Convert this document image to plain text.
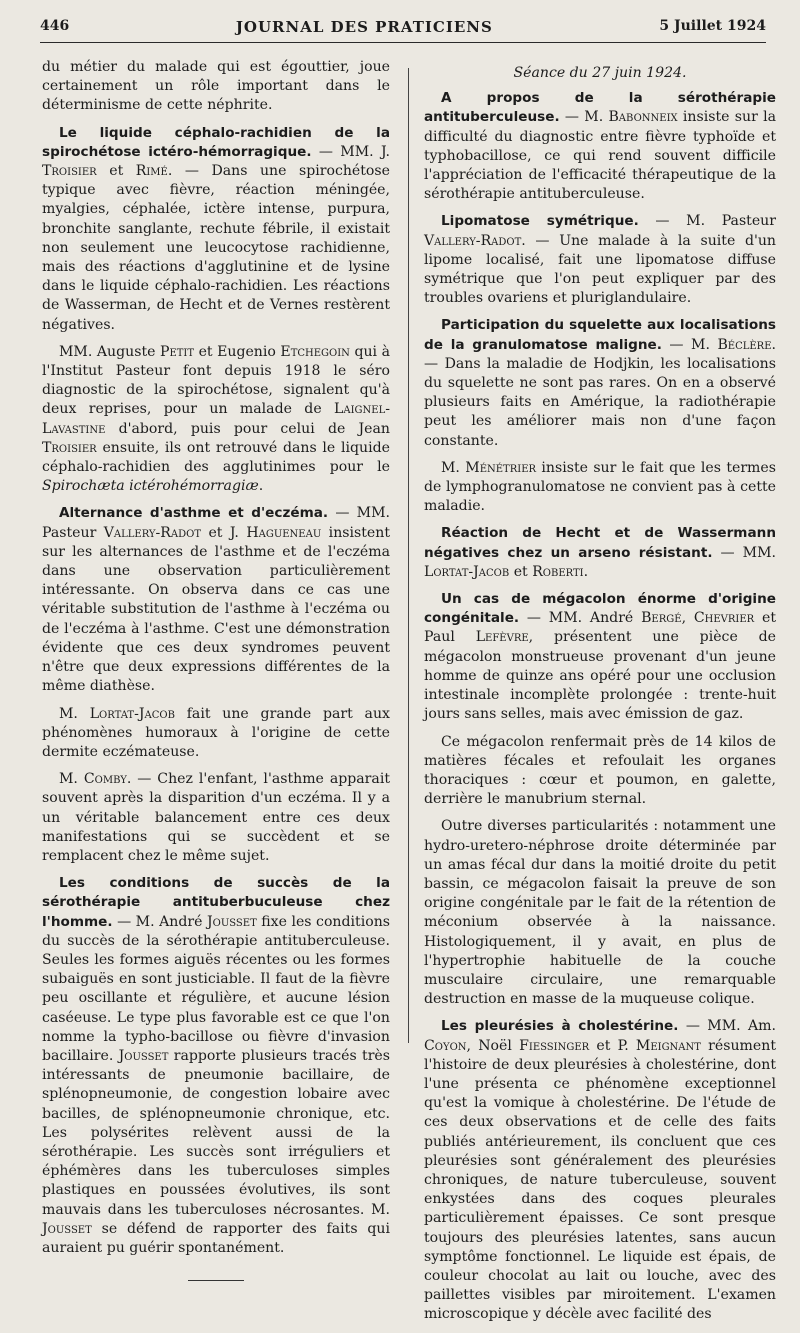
446	JOURNAL DES PRATICIENS	5 Juillet 1924

du métier du malade qui est égouttier, joue certainement un rôle important dans le déterminisme de cette néphrite.

Le liquide céphalo-rachidien de la spirochétose ictéro-hémorragique. — MM. J. Troisier et Rimé. — Dans une spirochétose typique avec fièvre, réaction méningée, myalgies, céphalée, ictère intense, purpura, bronchite sanglante, rechute fébrile, il existait non seulement une leucocytose rachidienne, mais des réactions d'agglutinine et de lysine dans le liquide céphalo-rachidien. Les réactions de Wasserman, de Hecht et de Vernes restèrent négatives.

MM. Auguste Petit et Eugenio Etchegoin qui à l'Institut Pasteur font depuis 1918 le séro diagnostic de la spirochétose, signalent qu'à deux reprises, pour un malade de Laignel-Lavastine d'abord, puis pour celui de Jean Troisier ensuite, ils ont retrouvé dans le liquide céphalo-rachidien des agglutinimes pour le Spirochæta ictérohémorragiæ.

Alternance d'asthme et d'eczéma. — MM. Pasteur Vallery-Radot et J. Hagueneau insistent sur les alternances de l'asthme et de l'eczéma dans une observation particulièrement intéressante. On observa dans ce cas une véritable substitution de l'asthme à l'eczéma ou de l'eczéma à l'asthme. C'est une démonstration évidente que ces deux syndromes peuvent n'être que deux expressions différentes de la même diathèse.

M. Lortat-Jacob fait une grande part aux phénomènes humoraux à l'origine de cette dermite eczémateuse.

M. Comby. — Chez l'enfant, l'asthme apparait souvent après la disparition d'un eczéma. Il y a un véritable balancement entre ces deux manifestations qui se succèdent et se remplacent chez le même sujet.

Les conditions de succès de la sérothérapie antituberbuculeuse chez l'homme. — M. André Jousset fixe les conditions du succès de la sérothérapie antituberculeuse. Seules les formes aiguës récentes ou les formes subaiguës en sont justiciable. Il faut de la fièvre peu oscillante et régulière, et aucune lésion caséeuse. Le type plus favorable est ce que l'on nomme la typho-bacillose ou fièvre d'invasion bacillaire. Jousset rapporte plusieurs tracés très intéressants de pneumonie bacillaire, de splénopneumonie, de congestion lobaire avec bacilles, de splénopneumonie chronique, etc. Les polysérites relèvent aussi de la sérothérapie. Les succès sont irréguliers et éphémères dans les tuberculoses simples plastiques en poussées évolutives, ils sont mauvais dans les tuberculoses nécrosantes. M. Jousset se défend de rapporter des faits qui auraient pu guérir spontanément.

Séance du 27 juin 1924.

A propos de la sérothérapie antituberculeuse. — M. Babonneix insiste sur la difficulté du diagnostic entre fièvre typhoïde et typhobacillose, ce qui rend souvent difficile l'appréciation de l'efficacité thérapeutique de la sérothérapie antituberculeuse.

Lipomatose symétrique. — M. Pasteur Vallery-Radot. — Une malade à la suite d'un lipome localisé, fait une lipomatose diffuse symétrique que l'on peut expliquer par des troubles ovariens et pluriglandulaire.

Participation du squelette aux localisations de la granulomatose maligne. — M. Béclère. — Dans la maladie de Hodjkin, les localisations du squelette ne sont pas rares. On en a observé plusieurs faits en Amérique, la radiothérapie peut les améliorer mais non d'une façon constante.

M. Ménétrier insiste sur le fait que les termes de lymphogranulomatose ne convient pas à cette maladie.

Réaction de Hecht et de Wassermann négatives chez un arseno résistant. — MM. Lortat-Jacob et Roberti.

Un cas de mégacolon énorme d'origine congénitale. — MM. André Bergé, Chevrier et Paul Lefèvre, présentent une pièce de mégacolon monstrueuse provenant d'un jeune homme de quinze ans opéré pour une occlusion intestinale incomplète prolongée : trente-huit jours sans selles, mais avec émission de gaz.

Ce mégacolon renfermait près de 14 kilos de matières fécales et refoulait les organes thoraciques : cœur et poumon, en galette, derrière le manubrium sternal.

Outre diverses particularités : notamment une hydro-uretero-néphrose droite déterminée par un amas fécal dur dans la moitié droite du petit bassin, ce mégacolon faisait la preuve de son origine congénitale par le fait de la rétention de méconium observée à la naissance. Histologiquement, il y avait, en plus de l'hypertrophie habituelle de la couche musculaire circulaire, une remarquable destruction en masse de la muqueuse colique.

Les pleurésies à cholestérine. — MM. Am. Coyon, Noël Fiessinger et P. Meignant résument l'histoire de deux pleurésies à cholestérine, dont l'une présenta ce phénomène exceptionnel qu'est la vomique à cholestérine. De l'étude de ces deux observations et de celle des faits publiés antérieurement, ils concluent que ces pleurésies sont généralement des pleurésies chroniques, de nature tuberculeuse, souvent enkystées dans des coques pleurales particulièrement épaisses. Ce sont presque toujours des pleurésies latentes, sans aucun symptôme fonctionnel. Le liquide est épais, de couleur chocolat au lait ou louche, avec des paillettes visibles par miroitement. L'examen microscopique y décèle avec facilité des
